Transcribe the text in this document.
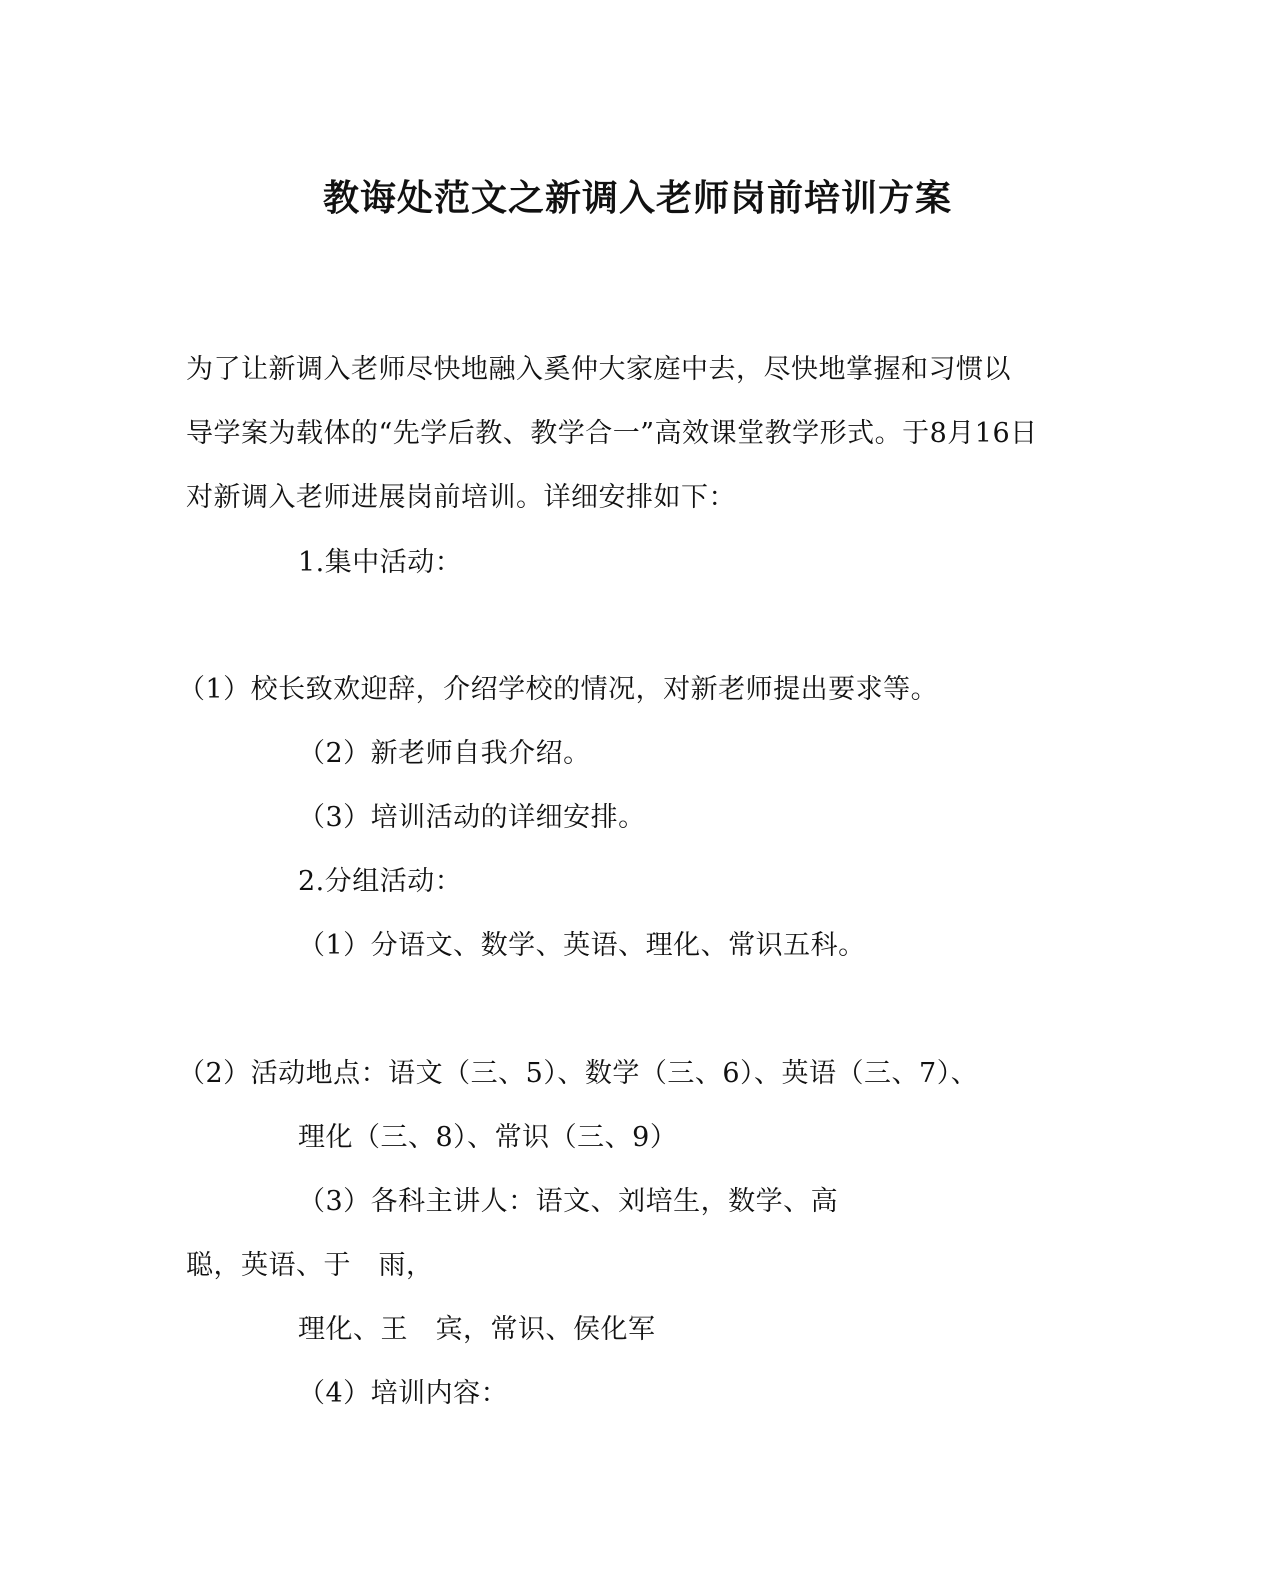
教诲处范文之新调入老师岗前培训方案
为了让新调入老师尽快地融入奚仲大家庭中去，尽快地掌握和习惯以
导学案为载体的“先学后教、教学合一”高效课堂教学形式。于8月16日
对新调入老师进展岗前培训。详细安排如下：
1.集中活动：
（1）校长致欢迎辞，介绍学校的情况，对新老师提出要求等。
（2）新老师自我介绍。
（3）培训活动的详细安排。
2.分组活动：
（1）分语文、数学、英语、理化、常识五科。
（2）活动地点：语文（三、5）、数学（三、6）、英语（三、7）、
理化（三、8）、常识（三、9）
（3）各科主讲人：语文、刘培生，数学、高
聪，英语、于　雨，
理化、王　宾，常识、侯化军
（4）培训内容：
